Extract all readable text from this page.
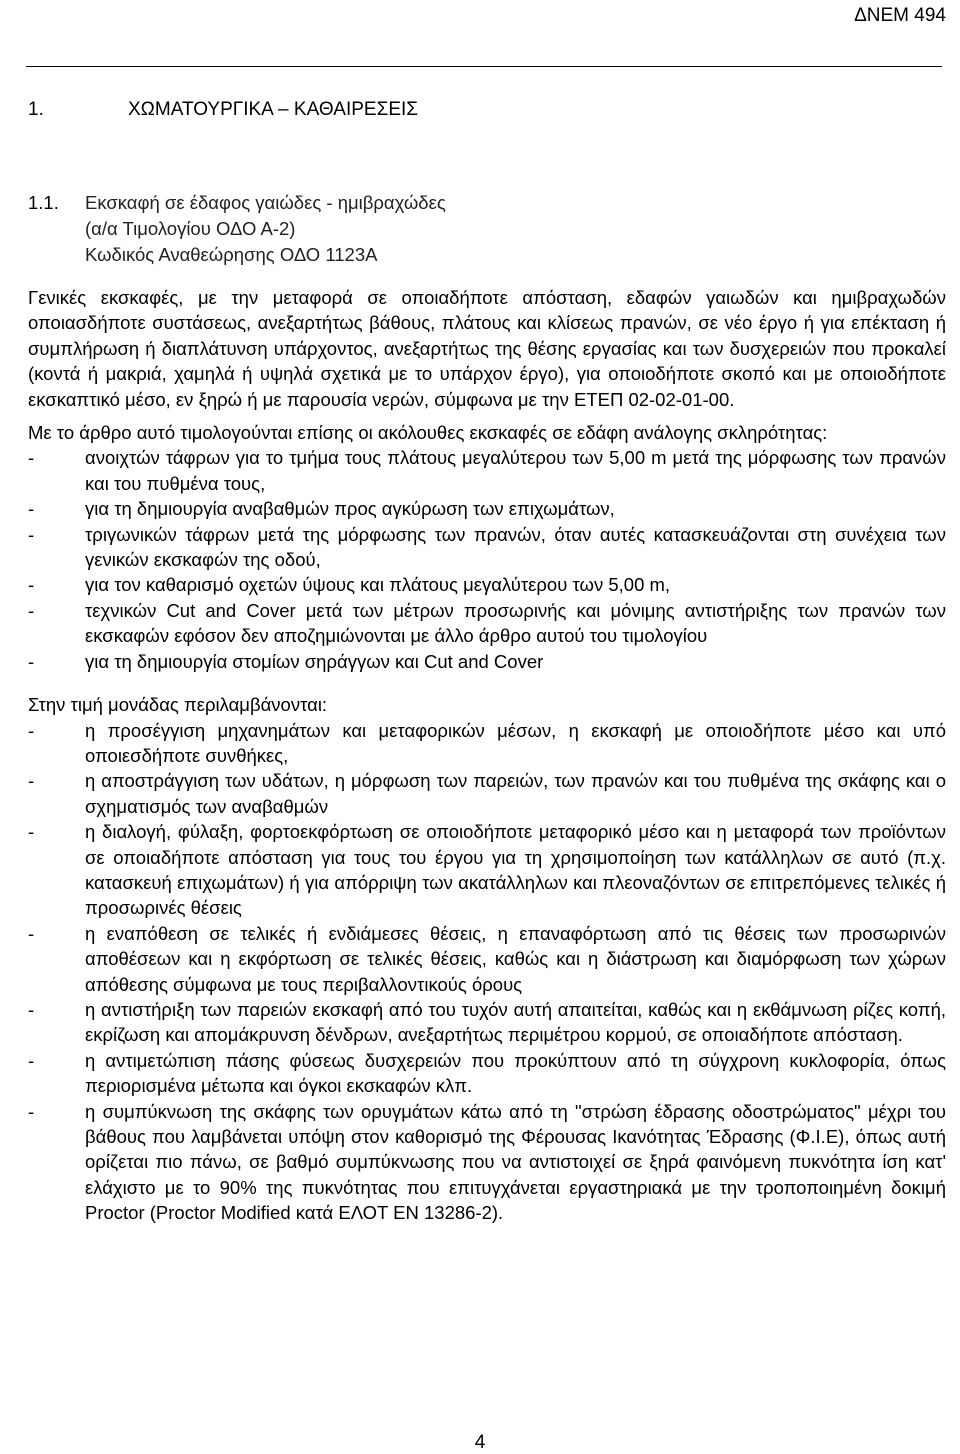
ΔΝΕΜ 494
1.	ΧΩΜΑΤΟΥΡΓΙΚΑ – ΚΑΘΑΙΡΕΣΕΙΣ
1.1.	Εκσκαφή σε έδαφος γαιώδες - ημιβραχώδες
(α/α Τιμολογίου ΟΔΟ Α-2)
Κωδικός Αναθεώρησης ΟΔΟ 1123Α

Γενικές εκσκαφές, με την μεταφορά σε οποιαδήποτε απόσταση, εδαφών γαιωδών και ημιβραχωδών οποιασδήποτε συστάσεως, ανεξαρτήτως βάθους, πλάτους και κλίσεως πρανών, σε νέο έργο ή για επέκταση ή συμπλήρωση ή διαπλάτυνση υπάρχοντος, ανεξαρτήτως της θέσης εργασίας και των δυσχερειών που προκαλεί (κοντά ή μακριά, χαμηλά ή υψηλά σχετικά με το υπάρχον έργο), για οποιοδήποτε σκοπό και με οποιοδήποτε εκσκαπτικό μέσο, εν ξηρώ ή με παρουσία νερών, σύμφωνα με την ΕΤΕΠ 02-02-01-00.

Με το άρθρο αυτό τιμολογούνται επίσης οι ακόλουθες εκσκαφές σε εδάφη ανάλογης σκληρότητας:

-	ανοιχτών τάφρων για το τμήμα τους πλάτους μεγαλύτερου των 5,00 m μετά της μόρφωσης των πρανών και του πυθμένα τους,
-	για τη δημιουργία αναβαθμών προς αγκύρωση των επιχωμάτων,
-	τριγωνικών τάφρων μετά της μόρφωσης των πρανών, όταν αυτές κατασκευάζονται στη συνέχεια των γενικών εκσκαφών της οδού,
-	για τον καθαρισμό οχετών ύψους και πλάτους μεγαλύτερου των 5,00 m,
-	τεχνικών Cut and Cover μετά των μέτρων προσωρινής και μόνιμης αντιστήριξης των πρανών των εκσκαφών εφόσον δεν αποζημιώνονται με άλλο άρθρο αυτού του τιμολογίου
-	για τη δημιουργία στομίων σηράγγων και Cut and Cover

Στην τιμή μονάδας περιλαμβάνονται:

-	η προσέγγιση μηχανημάτων και μεταφορικών μέσων, η εκσκαφή με οποιοδήποτε μέσο και υπό οποιεσδήποτε συνθήκες,
-	η αποστράγγιση των υδάτων, η μόρφωση των παρειών, των πρανών και του πυθμένα της σκάφης και ο σχηματισμός των αναβαθμών
-	η διαλογή, φύλαξη, φορτοεκφόρτωση σε οποιοδήποτε μεταφορικό μέσο και η μεταφορά των προϊόντων σε οποιαδήποτε απόσταση για τους του έργου για τη χρησιμοποίηση των κατάλληλων σε αυτό (π.χ. κατασκευή επιχωμάτων) ή για απόρριψη των ακατάλληλων και πλεοναζόντων σε επιτρεπόμενες τελικές ή προσωρινές θέσεις
-	η εναπόθεση σε τελικές ή ενδιάμεσες θέσεις, η επαναφόρτωση από τις θέσεις των προσωρινών αποθέσεων και η εκφόρτωση σε τελικές θέσεις, καθώς και η διάστρωση και διαμόρφωση των χώρων απόθεσης σύμφωνα με τους περιβαλλοντικούς όρους
-	η αντιστήριξη των παρειών εκσκαφή από του τυχόν αυτή απαιτείται, καθώς και η εκθάμνωση ρίζες κοπή, εκρίζωση και απομάκρυνση δένδρων, ανεξαρτήτως περιμέτρου κορμού, σε οποιαδήποτε απόσταση.
-	η αντιμετώπιση πάσης φύσεως δυσχερειών που προκύπτουν από τη σύγχρονη κυκλοφορία, όπως περιορισμένα μέτωπα και όγκοι εκσκαφών κλπ.
-	η συμπύκνωση της σκάφης των ορυγμάτων κάτω από τη "στρώση έδρασης οδοστρώματος" μέχρι του βάθους που λαμβάνεται υπόψη στον καθορισμό της Φέρουσας Ικανότητας Έδρασης (Φ.Ι.Ε), όπως αυτή ορίζεται πιο πάνω, σε βαθμό συμπύκνωσης που να αντιστοιχεί σε ξηρά φαινόμενη πυκνότητα ίση κατ' ελάχιστο με το 90% της πυκνότητας που επιτυγχάνεται εργαστηριακά με την τροποποιημένη δοκιμή Proctor (Proctor Modified κατά ΕΛΟΤ ΕΝ 13286-2).
4
